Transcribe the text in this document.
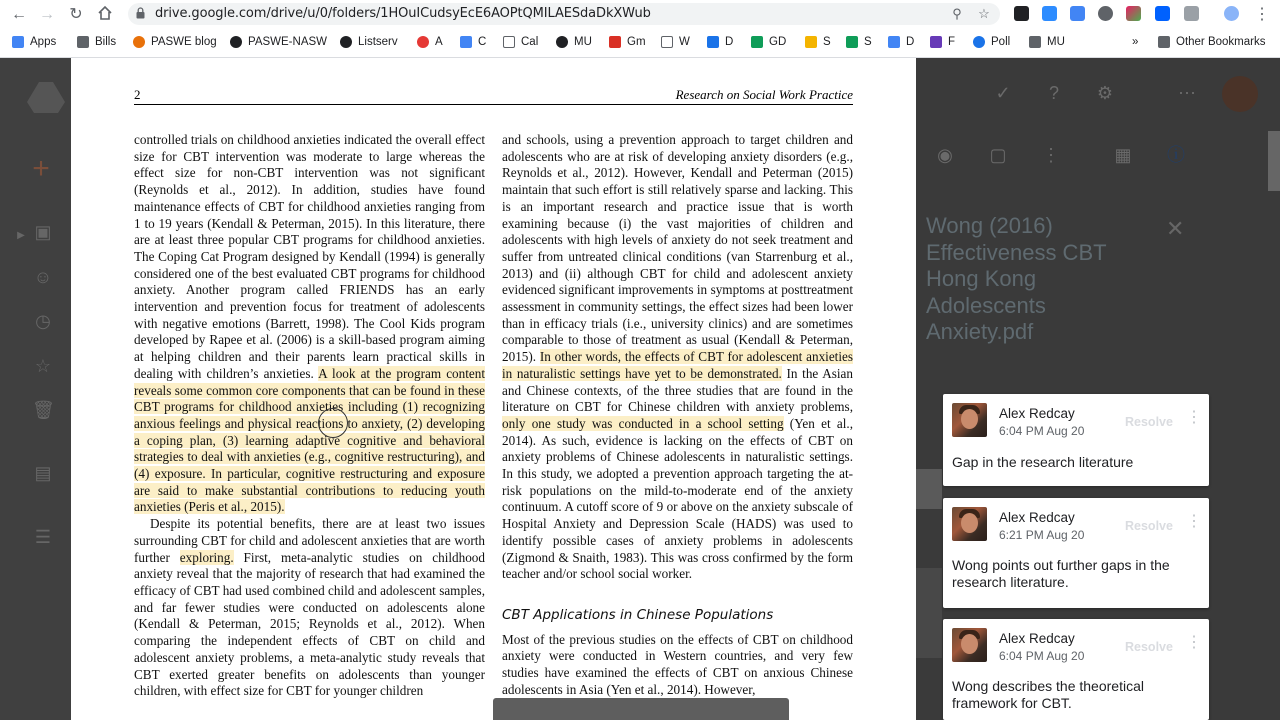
← → ↻	drive.google.com/drive/u/0/folders/1HOuICudsyEcE6AOPtQMILAESdaDkXWub	⚲ ☆	⋮
Apps	Bills	PASWE blog	PASWE-NASW	Listserv	A	C	Cal	MU	Gm	W	D	GD	S	S	D	F	Poll	MU	»	Other Bookmarks
+
▣
▶
☺
◷
☆
🗑
▤
☰
2	Research on Social Work Practice

controlled trials on childhood anxieties indicated the overall effect size for CBT intervention was moderate to large whereas the effect size for non-CBT intervention was not significant (Reynolds et al., 2012). In addition, studies have found maintenance effects of CBT for childhood anxieties ranging from 1 to 19 years (Kendall & Peterman, 2015). In this literature, there are at least three popular CBT programs for childhood anxieties. The Coping Cat Program designed by Kendall (1994) is generally considered one of the best evaluated CBT programs for childhood anxiety. Another program called FRIENDS has an early intervention and prevention focus for treatment of adolescents with negative emotions (Barrett, 1998). The Cool Kids program developed by Rapee et al. (2006) is a skill-based program aiming at helping children and their parents learn practical skills in dealing with children’s anxieties. A look at the program content reveals some common core components that can be found in these CBT programs for childhood anxieties including (1) recognizing anxious feelings and physical reactions to anxiety, (2) developing a coping plan, (3) learning adaptive cognitive and behavioral strategies to deal with anxieties (e.g., cognitive restructuring), and (4) exposure. In particular, cognitive restructuring and exposure are said to make substantial contributions to reducing youth anxieties (Peris et al., 2015).

Despite its potential benefits, there are at least two issues surrounding CBT for child and adolescent anxieties that are worth further exploring. First, meta-analytic studies on childhood anxiety reveal that the majority of research that had examined the efficacy of CBT had used combined child and adolescent samples, and far fewer studies were conducted on adolescents alone (Kendall & Peterman, 2015; Reynolds et al., 2012). When comparing the independent effects of CBT on child and adolescent anxiety problems, a meta-analytic study reveals that CBT exerted greater benefits on adolescents than younger children, with effect size for CBT for younger children

and schools, using a prevention approach to target children and adolescents who are at risk of developing anxiety disorders (e.g., Reynolds et al., 2012). However, Kendall and Peterman (2015) maintain that such effort is still relatively sparse and lacking. This is an important research and practice issue that is worth examining because (i) the vast majorities of children and adolescents with high levels of anxiety do not seek treatment and suffer from untreated clinical conditions (van Starrenburg et al., 2013) and (ii) although CBT for child and adolescent anxiety evidenced significant improvements in symptoms at posttreatment assessment in community settings, the effect sizes had been lower than in efficacy trials (i.e., university clinics) and are sometimes comparable to those of treatment as usual (Kendall & Peterman, 2015). In other words, the effects of CBT for adolescent anxieties in naturalistic settings have yet to be demonstrated. In the Asian and Chinese contexts, of the three studies that are found in the literature on CBT for Chinese children with anxiety problems, only one study was conducted in a school setting (Yen et al., 2014). As such, evidence is lacking on the effects of CBT on anxiety problems of Chinese adolescents in naturalistic settings. In this study, we adopted a prevention approach targeting the at-risk populations on the mild-to-moderate end of the anxiety continuum. A cutoff score of 9 or above on the anxiety subscale of Hospital Anxiety and Depression Scale (HADS) was used to identify possible cases of anxiety problems in adolescents (Zigmond & Snaith, 1983). This was cross confirmed by the form teacher and/or school social worker.

CBT Applications in Chinese Populations

Most of the previous studies on the effects of CBT on childhood anxiety were conducted in Western countries, and very few studies have examined the effects of CBT on anxious Chinese adolescents in Asia (Yen et al., 2014). However,

✓	?	⚙	⋯
◉ ▢ ⋮	▦ ⓘ
Wong (2016) Effectiveness CBT Hong Kong Adolescents Anxiety.pdf
✕
Alex Redcay
6:04 PM Aug 20
Resolve ⋮
Gap in the research literature
Alex Redcay
6:21 PM Aug 20
Resolve ⋮
Wong points out further gaps in the research literature.
Alex Redcay
6:04 PM Aug 20
Resolve ⋮
Wong describes the theoretical framework for CBT.
